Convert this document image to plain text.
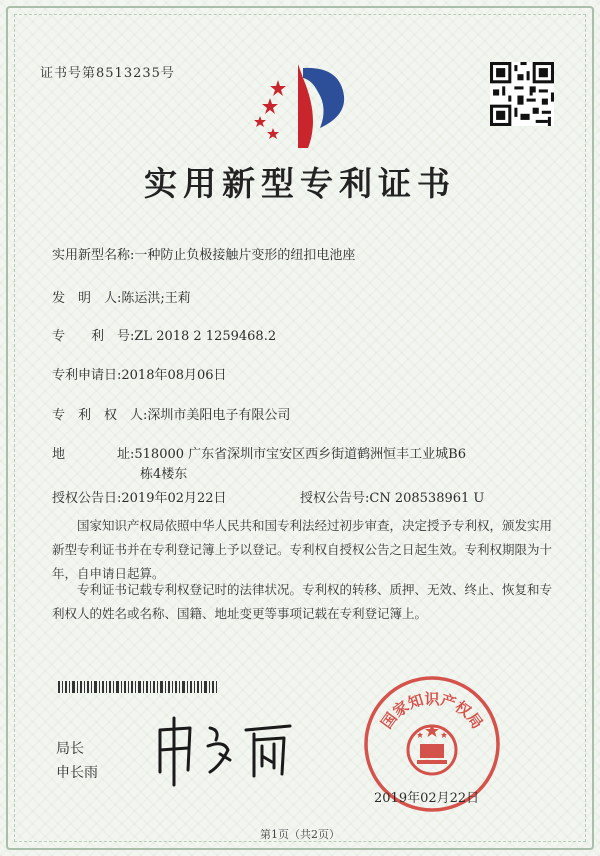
证书号第8513235号
实用新型专利证书
实用新型名称:一种防止负极接触片变形的纽扣电池座
发　明　人:陈运洪;王莉
专　　利　号:ZL 2018 2 1259468.2
专利申请日:2018年08月06日
专　利　权　人:深圳市美阳电子有限公司
地　　　　址:518000 广东省深圳市宝安区西乡街道鹤洲恒丰工业城B6
栋4楼东
授权公告日:2019年02月22日	授权公告号:CN 208538961 U
国家知识产权局依照中华人民共和国专利法经过初步审查，决定授予专利权，颁发实用新型专利证书并在专利登记簿上予以登记。专利权自授权公告之日起生效。专利权期限为十年，自申请日起算。
专利证书记载专利权登记时的法律状况。专利权的转移、质押、无效、终止、恢复和专利权人的姓名或名称、国籍、地址变更等事项记载在专利登记簿上。
局长
申长雨
国家知识产权局
2019年02月22日
第1页（共2页）
